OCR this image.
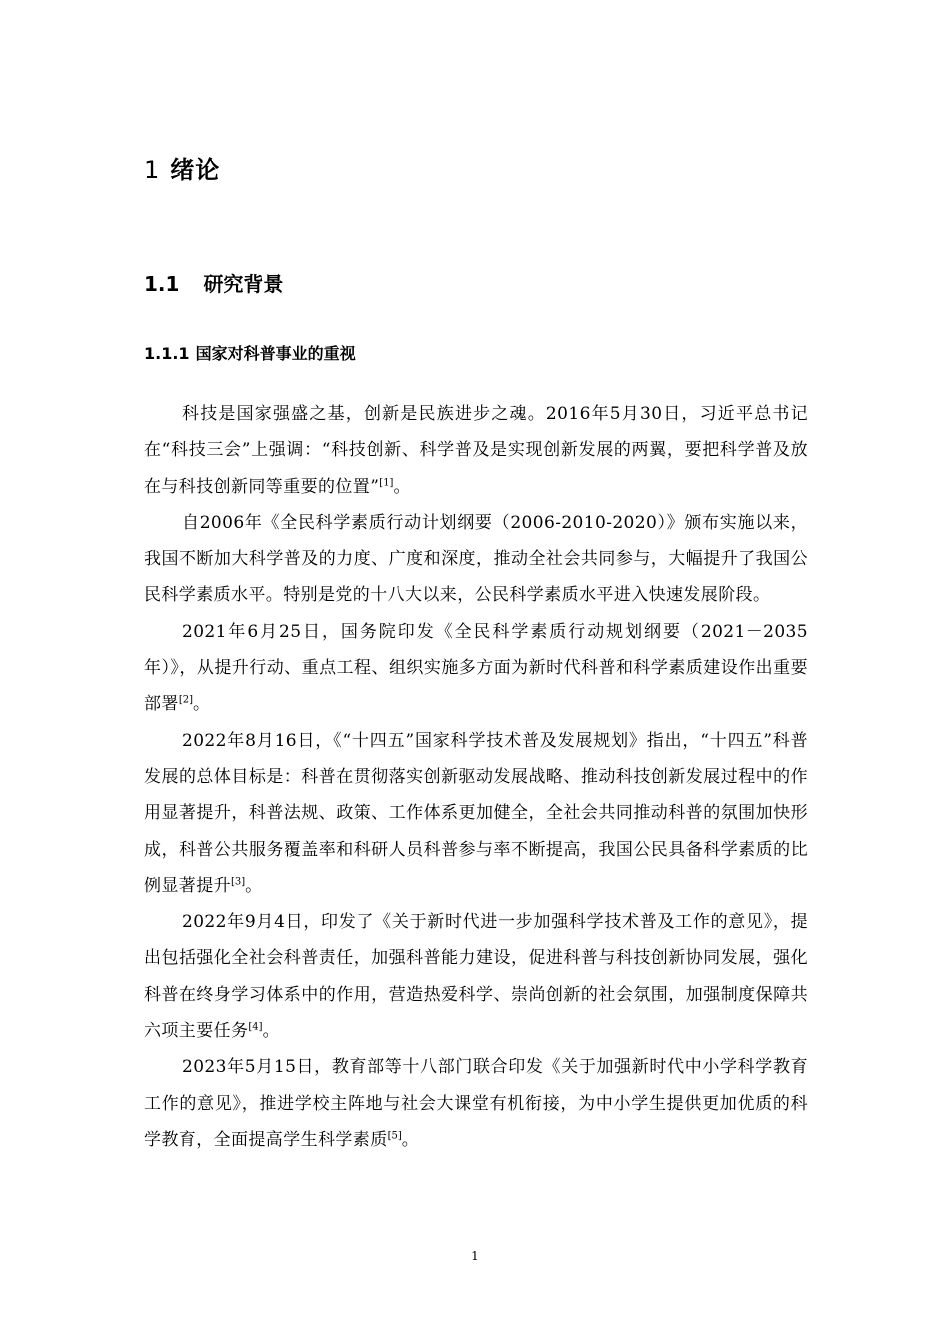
1 绪论
1.1 研究背景
1.1.1 国家对科普事业的重视

科技是国家强盛之基，创新是民族进步之魂。2016年5月30日，习近平总书记在“科技三会”上强调：“科技创新、科学普及是实现创新发展的两翼，要把科学普及放在与科技创新同等重要的位置”[1]。

自2006年《全民科学素质行动计划纲要（2006-2010-2020）》颁布实施以来，我国不断加大科学普及的力度、广度和深度，推动全社会共同参与，大幅提升了我国公民科学素质水平。特别是党的十八大以来，公民科学素质水平进入快速发展阶段。

2021年6月25日，国务院印发《全民科学素质行动规划纲要（2021－2035年）》，从提升行动、重点工程、组织实施多方面为新时代科普和科学素质建设作出重要部署[2]。

2022年8月16日，《“十四五”国家科学技术普及发展规划》指出，“十四五”科普发展的总体目标是：科普在贯彻落实创新驱动发展战略、推动科技创新发展过程中的作用显著提升，科普法规、政策、工作体系更加健全，全社会共同推动科普的氛围加快形成，科普公共服务覆盖率和科研人员科普参与率不断提高，我国公民具备科学素质的比例显著提升[3]。

2022年9月4日，印发了《关于新时代进一步加强科学技术普及工作的意见》，提出包括强化全社会科普责任，加强科普能力建设，促进科普与科技创新协同发展，强化科普在终身学习体系中的作用，营造热爱科学、崇尚创新的社会氛围，加强制度保障共六项主要任务[4]。

2023年5月15日，教育部等十八部门联合印发《关于加强新时代中小学科学教育工作的意见》，推进学校主阵地与社会大课堂有机衔接，为中小学生提供更加优质的科学教育，全面提高学生科学素质[5]。

1
